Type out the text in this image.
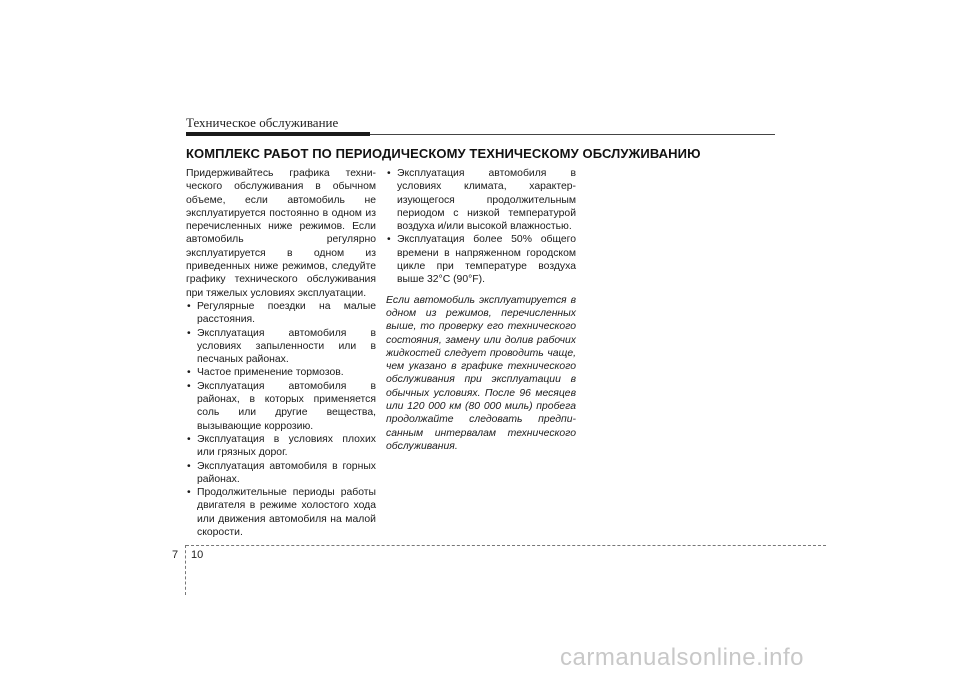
Техническое обслуживание
КОМПЛЕКС РАБОТ ПО ПЕРИОДИЧЕСКОМУ ТЕХНИЧЕСКОМУ ОБСЛУЖИВАНИЮ

Придерживайтесь графика техни- ческого обслуживания в обычном объеме, если автомобиль не эксплуатируется постоянно в одном из перечисленных ниже режимов. Если автомобиль регулярно эксплуатируется в одном из приведенных ниже режимов, следуйте графику технического обслуживания при тяжелых условиях эксплуатации.

• Регулярные поездки на малые расстояния.
• Эксплуатация автомобиля в условиях запыленности или в песчаных районах.
• Частое применение тормозов.
• Эксплуатация автомобиля в районах, в которых применяется соль или другие вещества, вызывающие коррозию.
• Эксплуатация в условиях плохих или грязных дорог.
• Эксплуатация автомобиля в горных районах.
• Продолжительные периоды работы двигателя в режиме холостого хода или движения автомобиля на малой скорости.
• Эксплуатация автомобиля в условиях климата, характер- изующегося продолжительным периодом с низкой температурой воздуха и/или высокой влажностью.
• Эксплуатация более 50% общего времени в напряженном городском цикле при температуре воздуха выше 32°C (90°F).

Если автомобиль эксплуатируется в одном из режимов, перечисленных выше, то проверку его технического состояния, замену или долив рабочих жидкостей следует проводить чаще, чем указано в графике технического обслуживания при эксплуатации в обычных условиях. После 96 месяцев или 120 000 км (80 000 миль) пробега продолжайте следовать предпи- санным интервалам технического обслуживания.

7 10
carmanualsonline.info
